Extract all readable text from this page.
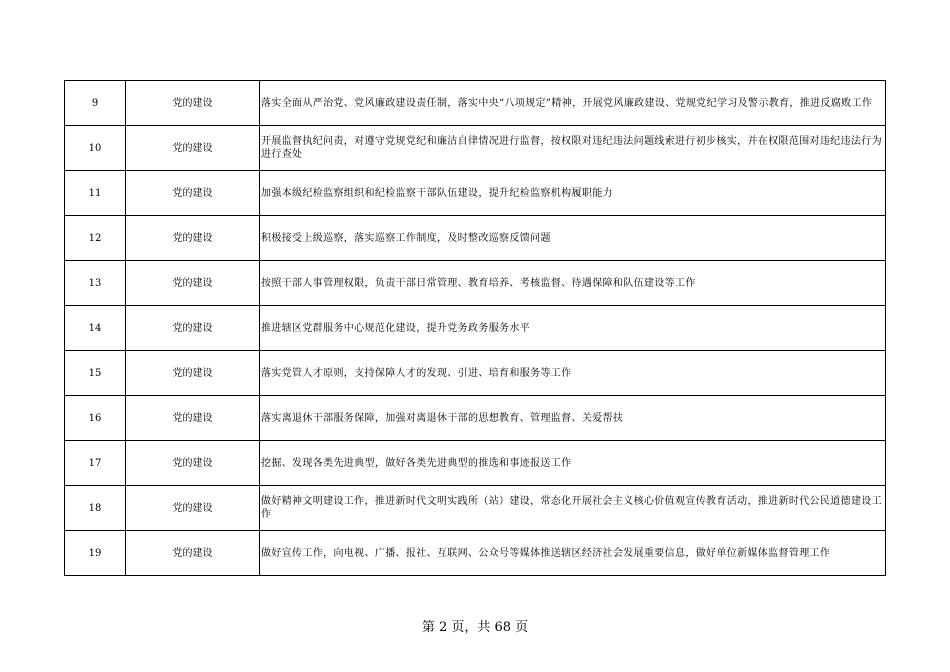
9	党的建设	落实全面从严治党、党风廉政建设责任制，落实中央“八项规定”精神，开展党风廉政建设、党规党纪学习及警示教育，推进反腐败工作
10	党的建设	开展监督执纪问责，对遵守党规党纪和廉洁自律情况进行监督，按权限对违纪违法问题线索进行初步核实，并在权限范围对违纪违法行为进行查处
11	党的建设	加强本级纪检监察组织和纪检监察干部队伍建设，提升纪检监察机构履职能力
12	党的建设	积极接受上级巡察，落实巡察工作制度，及时整改巡察反馈问题
13	党的建设	按照干部人事管理权限，负责干部日常管理、教育培养、考核监督、待遇保障和队伍建设等工作
14	党的建设	推进辖区党群服务中心规范化建设，提升党务政务服务水平
15	党的建设	落实党管人才原则，支持保障人才的发现、引进、培育和服务等工作
16	党的建设	落实离退休干部服务保障，加强对离退休干部的思想教育、管理监督、关爱帮扶
17	党的建设	挖掘、发现各类先进典型，做好各类先进典型的推选和事迹报送工作
18	党的建设	做好精神文明建设工作，推进新时代文明实践所（站）建设，常态化开展社会主义核心价值观宣传教育活动，推进新时代公民道德建设工作
19	党的建设	做好宣传工作，向电视、广播、报社、互联网、公众号等媒体推送辖区经济社会发展重要信息，做好单位新媒体监督管理工作
第 2 页，共 68 页
